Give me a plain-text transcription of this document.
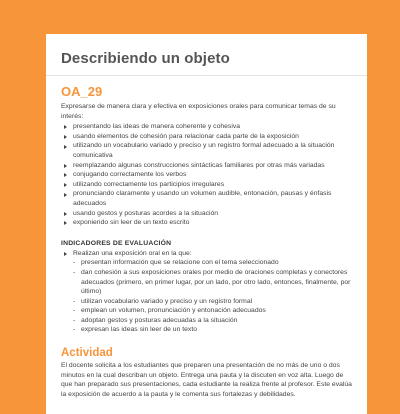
Describiendo un objeto
OA_29
Expresarse de manera clara y efectiva en exposiciones orales para comunicar temas de su interés:
presentando las ideas de manera coherente y cohesiva
usando elementos de cohesión para relacionar cada parte de la exposición
utilizando un vocabulario variado y preciso y un registro formal adecuado a la situación comunicativa
reemplazando algunas construcciones sintácticas familiares por otras más variadas
conjugando correctamente los verbos
utilizando correctamente los participios irregulares
pronunciando claramente y usando un volumen audible, entonación, pausas y énfasis adecuados
usando gestos y posturas acordes a la situación
exponiendo sin leer de un texto escrito
INDICADORES DE EVALUACIÓN
Realizan una exposición oral en la que:
- presentan información que se relacione con el tema seleccionado
- dan cohesión a sus exposiciones orales por medio de oraciones completas y conectores adecuados (primero, en primer lugar, por un lado, por otro lado, entonces, finalmente, por último)
- utilizan vocabulario variado y preciso y un registro formal
- emplean un volumen, pronunciación y entonación adecuados
- adoptan gestos y posturas adecuadas a la situación
- expresan las ideas sin leer de un texto
Actividad
El docente solicita a los estudiantes que preparen una presentación de no más de uno o dos minutos en la cual describan un objeto. Entrega una pauta y la discuten en voz alta. Luego de que han preparado sus presentaciones, cada estudiante la realiza frente al profesor. Este evalúa la exposición de acuerdo a la pauta y le comenta sus fortalezas y debilidades.
